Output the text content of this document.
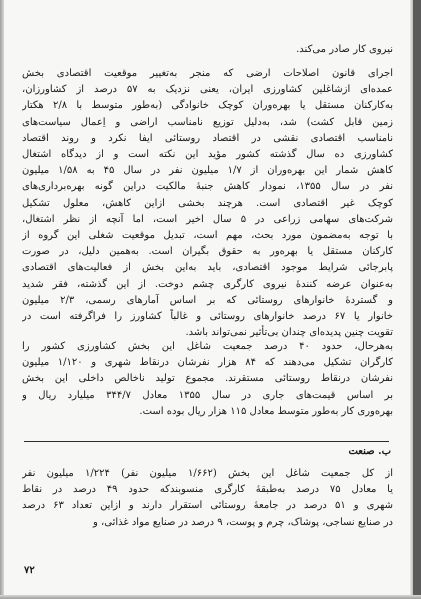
نیروی کار صادر می‌کند.

اجرای قانون اصلاحات ارضی که منجر به‌تغییر موقعیت اقتصادی بخش
عمده‌ای ازشاغلین کشاورزی ایران، یعنی نزدیک به ۵۷ درصد از کشاورزان،
به‌کارکنان مستقل یا بهره‌وران کوچک خانوادگی (به‌طور متوسط با ۲/۸ هکتار
زمین قابل کشت) شد، به‌دلیل توزیع نامناسب اراضی و اِعمال سیاست‌های
نامناسب اقتصادی نقشی در اقتصاد روستائی ایفا نکرد و روند اقتصاد
کشاورزی ده سال گذشته کشور مؤید این نکته است و از دیدگاه اشتغال
کاهش شمار این بهره‌وران از ۱/۷ میلیون نفر در سال ۴۵ به ۱/۵۸ میلیون
نفر در سال ۱۳۵۵، نمودار کاهش جنبهٔ مالکیت دراین گونه بهره‌برداری‌های
کوچک غیر اقتصادی است. هرچند بخشی ازاین کاهش، معلول تشکیل
شرکت‌های سهامی زراعی در ۵ سال اخیر است، اما آنچه از نظر اشتغال،
با توجه به‌مضمون مورد بحث، مهم است، تبدیل موقعیت شغلی این گروه از
کارکنان مستقل یا بهره‌ور به حقوق بگیران است. به‌همین دلیل، در صورت
پابرجائی شرایط موجود اقتصادی، باید به‌این بخش از فعالیت‌های اقتصادی
به‌عنوان عرضه کنندهٔ نیروی کارگری چشم دوخت. از این گذشته، فقر شدید
و گستردهٔ خانوارهای روستائی که بر اساس آمارهای رسمی، ۲/۳ میلیون
خانوار یا ۶۷ درصد خانوارهای روستائی و غالباً کشاورز را فراگرفته است در
تقویت چنین پدیده‌ای چندان بی‌تأثیر نمی‌تواند باشد.

به‌هرحال، حدود ۴۰ درصد جمعیت شاغل این بخش کشاورزی کشور را
کارگران تشکیل می‌دهند که ۸۴ هزار نفرشان درنقاط شهری و ۱/۱۲۰ میلیون
نفرشان درنقاط روستائی مستقرند. مجموع تولید ناخالص داخلی این بخش
بر اساس قیمت‌های جاری در سال ۱۳۵۵ معادل ۳۴۴/۷ میلیارد ریال و
بهره‌وری کار به‌طور متوسط معادل ۱۱۵ هزار ریال بوده است.

ب. صنعت

از کل جمعیت شاغل این بخش (۱/۶۶۲ میلیون نفر) ۱/۲۲۴ میلیون نفر
یا معادل ۷۵ درصد به‌طبقهٔ کارگری منسوبند‌که حدود ۴۹ درصد در نقاط
شهری و ۵۱ درصد در جامعهٔ روستائی استقرار دارند و ازاین تعداد ۶۳ درصد
در صنایع نساجی، پوشاک، چرم و پوست، ۹ درصد در صنایع مواد غذائی، و

۷۲
